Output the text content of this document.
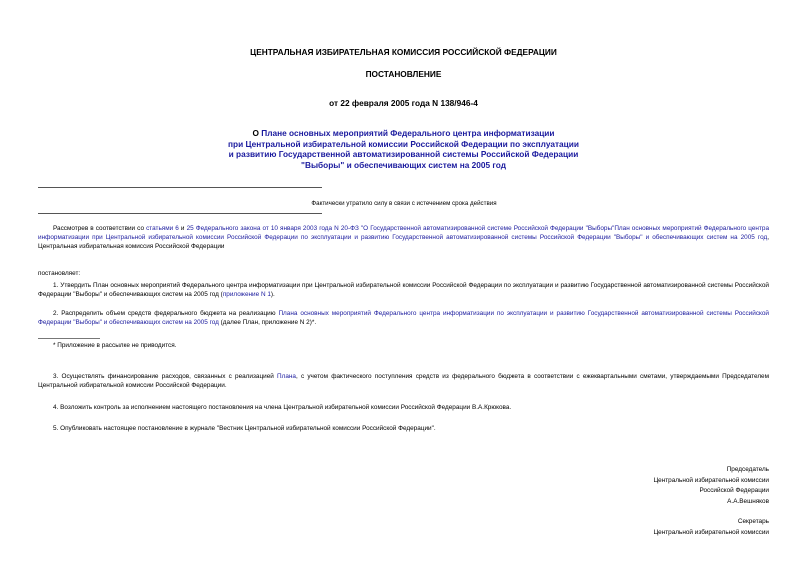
ЦЕНТРАЛЬНАЯ ИЗБИРАТЕЛЬНАЯ КОМИССИЯ РОССИЙСКОЙ ФЕДЕРАЦИИ
ПОСТАНОВЛЕНИЕ
от 22 февраля 2005 года N 138/946-4
О Плане основных мероприятий Федерального центра информатизации
при Центральной избирательной комиссии Российской Федерации по эксплуатации
и развитию Государственной автоматизированной системы Российской Федерации
"Выборы" и обеспечивающих систем на 2005 год
Фактически утратило силу в связи с истечением срока действия
Рассмотрев в соответствии со статьями 6 и 25 Федерального закона от 10 января 2003 года N 20-ФЗ "О Государственной автоматизированной системе Российской Федерации "Выборы"План основных мероприятий Федерального центра информатизации при Центральной избирательной комиссии Российской Федерации по эксплуатации и развитию Государственной автоматизированной системы Российской Федерации "Выборы" и обеспечивающих систем на 2005 год, Центральная избирательная комиссия Российской Федерации
постановляет:
1. Утвердить План основных мероприятий Федерального центра информатизации при Центральной избирательной комиссии Российской Федерации по эксплуатации и развитию Государственной автоматизированной системы Российской Федерации "Выборы" и обеспечивающих систем на 2005 год (приложение N 1).
2. Распределить объем средств федерального бюджета на реализацию Плана основных мероприятий Федерального центра информатизации по эксплуатации и развитию Государственной автоматизированной системы Российской Федерации "Выборы" и обеспечивающих систем на 2005 год (далее План, приложение N 2)*.
* Приложение в рассылке не приводится.
3. Осуществлять финансирование расходов, связанных с реализацией Плана, с учетом фактического поступления средств из федерального бюджета в соответствии с ежеквартальными сметами, утверждаемыми Председателем Центральной избирательной комиссии Российской Федерации.
4. Возложить контроль за исполнением настоящего постановления на члена Центральной избирательной комиссии Российской Федерации В.А.Крюкова.
5. Опубликовать настоящее постановление в журнале "Вестник Центральной избирательной комиссии Российской Федерации".
Председатель
Центральной избирательной комиссии
Российской Федерации
А.А.Вешняков
Секретарь
Центральной избирательной комиссии
